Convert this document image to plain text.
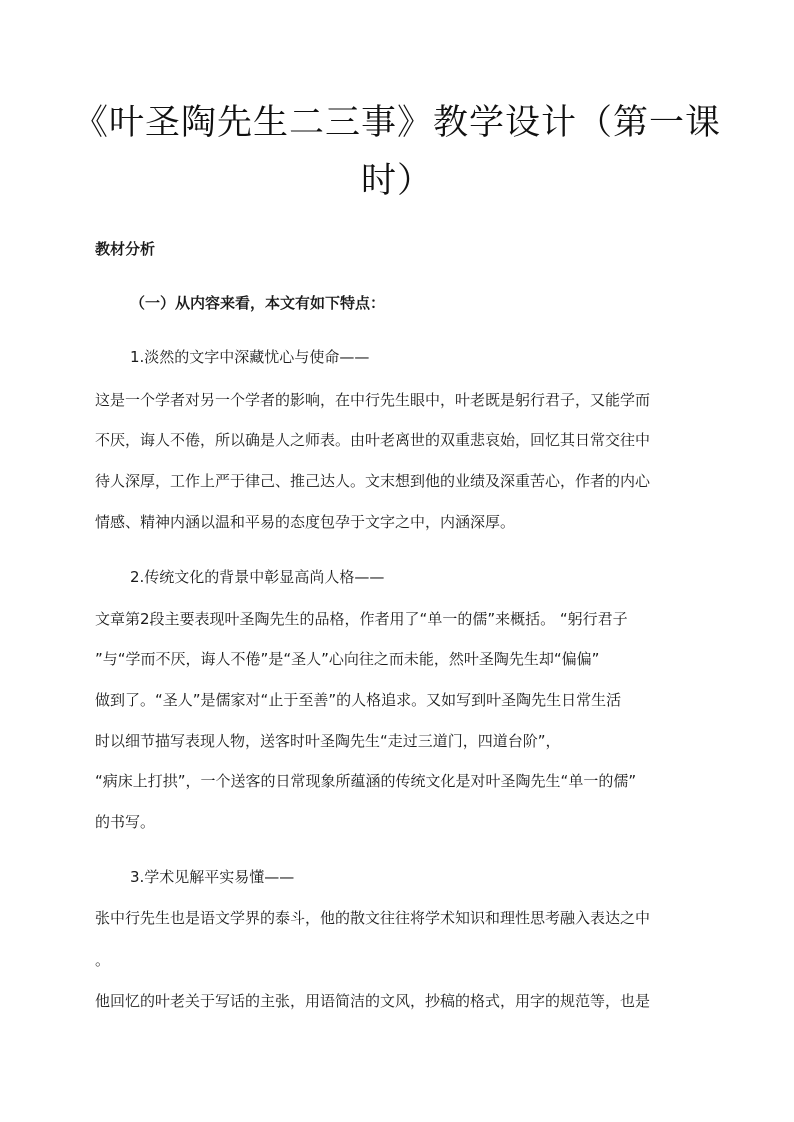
《叶圣陶先生二三事》教学设计（第一课
时）
教材分析
（一）从内容来看，本文有如下特点：

1.淡然的文字中深藏忧心与使命——

这是一个学者对另一个学者的影响，在中行先生眼中，叶老既是躬行君子，又能学而

不厌，诲人不倦，所以确是人之师表。由叶老离世的双重悲哀始，回忆其日常交往中

待人深厚，工作上严于律己、推己达人。文末想到他的业绩及深重苦心，作者的内心

情感、精神内涵以温和平易的态度包孕于文字之中，内涵深厚。

2.传统文化的背景中彰显高尚人格——

文章第2段主要表现叶圣陶先生的品格，作者用了“单一的儒”来概括。 “躬行君子

”与“学而不厌，诲人不倦”是“圣人”心向往之而未能，然叶圣陶先生却“偏偏”

做到了。“圣人”是儒家对“止于至善”的人格追求。又如写到叶圣陶先生日常生活

时以细节描写表现人物，送客时叶圣陶先生“走过三道门，四道台阶”，

“病床上打拱”，一个送客的日常现象所蕴涵的传统文化是对叶圣陶先生“单一的儒”

的书写。

3.学术见解平实易懂——

张中行先生也是语文学界的泰斗，他的散文往往将学术知识和理性思考融入表达之中

。

他回忆的叶老关于写话的主张，用语简洁的文风，抄稿的格式，用字的规范等，也是
